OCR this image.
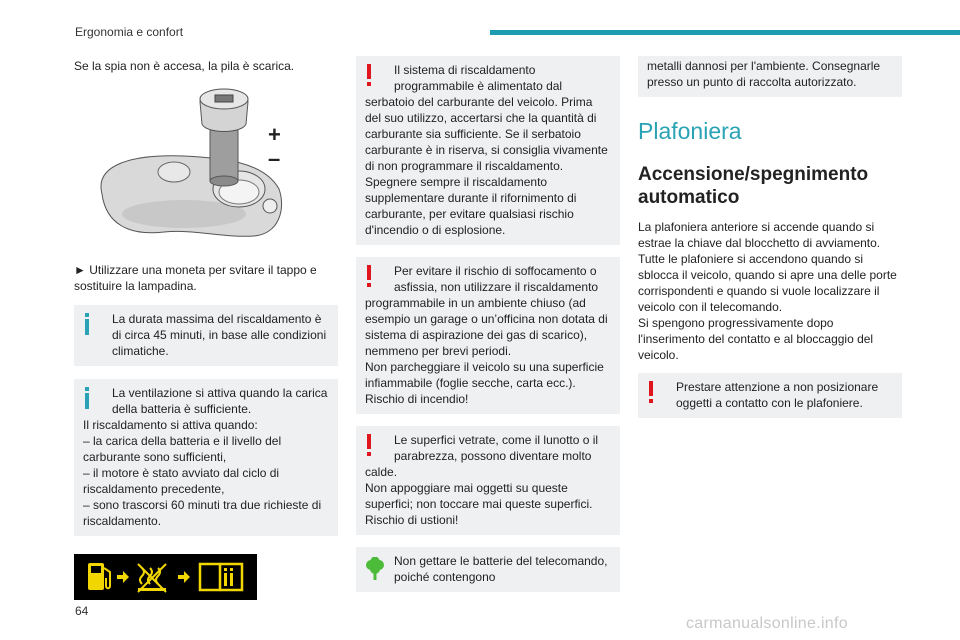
Ergonomia e confort

Se la spia non è accesa, la pila è scarica.

+
–

► Utilizzare una moneta per svitare il tappo e sostituire la lampadina.

La durata massima del riscaldamento è di circa 45 minuti, in base alle condizioni climatiche.
La ventilazione si attiva quando la carica della batteria è sufficiente.
Il riscaldamento si attiva quando:
– la carica della batteria e il livello del carburante sono sufficienti,
– il motore è stato avviato dal ciclo di riscaldamento precedente,
– sono trascorsi 60 minuti tra due richieste di riscaldamento.
Il sistema di riscaldamento programmabile è alimentato dal
serbatoio del carburante del veicolo. Prima del suo utilizzo, accertarsi che la quantità di carburante sia sufficiente. Se il serbatoio carburante è in riserva, si consiglia vivamente di non programmare il riscaldamento. Spegnere sempre il riscaldamento supplementare durante il rifornimento di carburante, per evitare qualsiasi rischio d'incendio o di esplosione.
Per evitare il rischio di soffocamento o asfissia, non utilizzare il riscaldamento
programmabile in un ambiente chiuso (ad esempio un garage o un’officina non dotata di sistema di aspirazione dei gas di scarico), nemmeno per brevi periodi.
Non parcheggiare il veicolo su una superficie infiammabile (foglie secche, carta ecc.). Rischio di incendio!
Le superfici vetrate, come il lunotto o il parabrezza, possono diventare molto
calde.
Non appoggiare mai oggetti su queste superfici; non toccare mai queste superfici. Rischio di ustioni!
Non gettare le batterie del telecomando, poiché contengono
metalli dannosi per l'ambiente. Consegnarle presso un punto di raccolta autorizzato.
Plafoniera
Accensione/spegnimento automatico

La plafoniera anteriore si accende quando si estrae la chiave dal blocchetto di avviamento.

Tutte le plafoniere si accendono quando si sblocca il veicolo, quando si apre una delle porte corrispondenti e quando si vuole localizzare il veicolo con il telecomando.

Si spengono progressivamente dopo l'inserimento del contatto e al bloccaggio del veicolo.

Prestare attenzione a non posizionare oggetti a contatto con le plafoniere.
64
carmanualsonline.info
